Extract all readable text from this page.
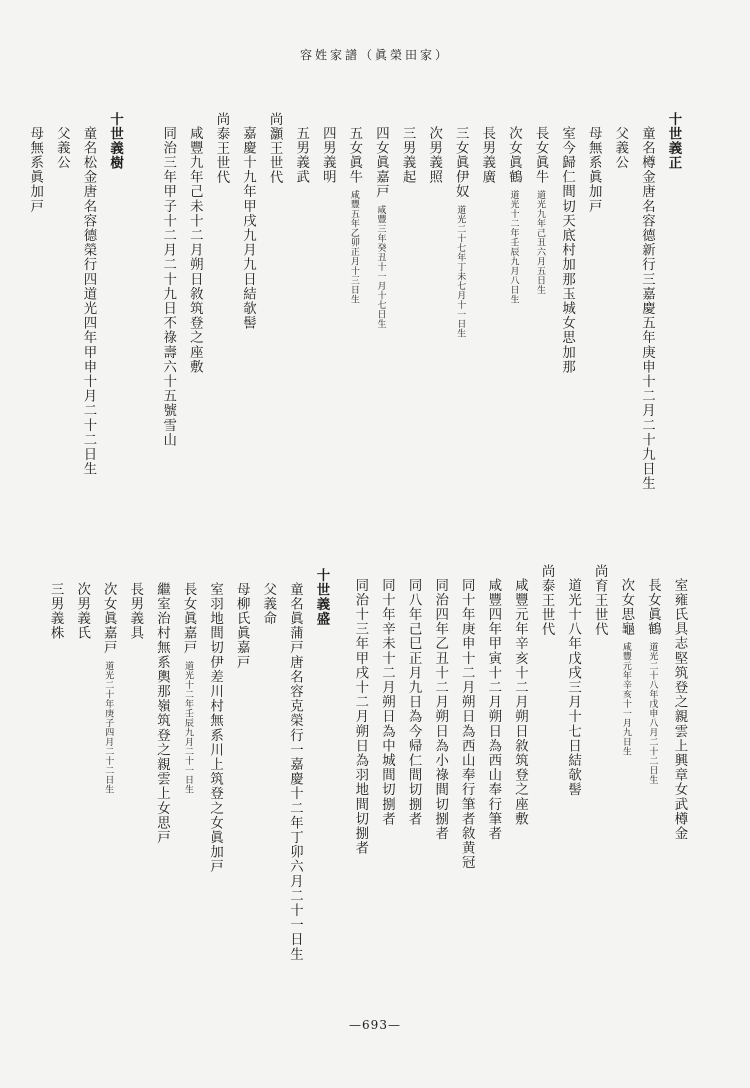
容姓家譜（眞榮田家）
十世義正
童名樽金唐名容德新行三嘉慶五年庚申十二月二十九日生
父義公
母無系眞加戸
室今歸仁間切天底村加那玉城女思加那
長女眞牛道光九年己丑六月五日生
次女眞鶴道光十二年壬辰九月八日生
長男義廣
三女眞伊奴道光二十七年丁未七月十一日生
次男義照
三男義起
四女眞嘉戸咸豐三年癸丑十一月十七日生
五女眞牛咸豐五年乙卯正月十三日生
四男義明
五男義武
尚灝王世代
嘉慶十九年甲戌九月九日結欹髻
尚泰王世代
咸豐九年己未十二月朔日敘筑登之座敷
同治三年甲子十二月二十九日不祿壽六十五號雪山
十世義樹
童名松金唐名容德榮行四道光四年甲申十月二十二日生
父義公
母無系眞加戸
室雍氏具志堅筑登之親雲上興章女武樽金
長女眞鶴道光二十八年戊申八月二十二日生
次女思龜咸豐元年辛亥十一月九日生
尚育王世代
道光十八年戊戌三月十七日結欹髻
尚泰王世代
咸豐元年辛亥十二月朔日敘筑登之座敷
咸豐四年甲寅十二月朔日為西山奉行筆者
同十年庚申十二月朔日為西山奉行筆者敘黄冠
同治四年乙丑十二月朔日為小祿間切捌者
同八年己巳正月九日為今帰仁間切捌者
同十年辛未十二月朔日為中城間切捌者
同治十三年甲戌十二月朔日為羽地間切捌者
十世義盛
童名眞蒲戸唐名容克榮行一嘉慶十二年丁卯六月二十一日生
父義命
母柳氏眞嘉戸
室羽地間切伊差川村無系川上筑登之女眞加戸
長女眞嘉戸道光十二年壬辰九月二十一日生
繼室治村無系輿那嶺筑登之親雲上女思戸
長男義具
次女眞嘉戸道光二十年庚子四月二十二日生
次男義氏
三男義株
—693—
